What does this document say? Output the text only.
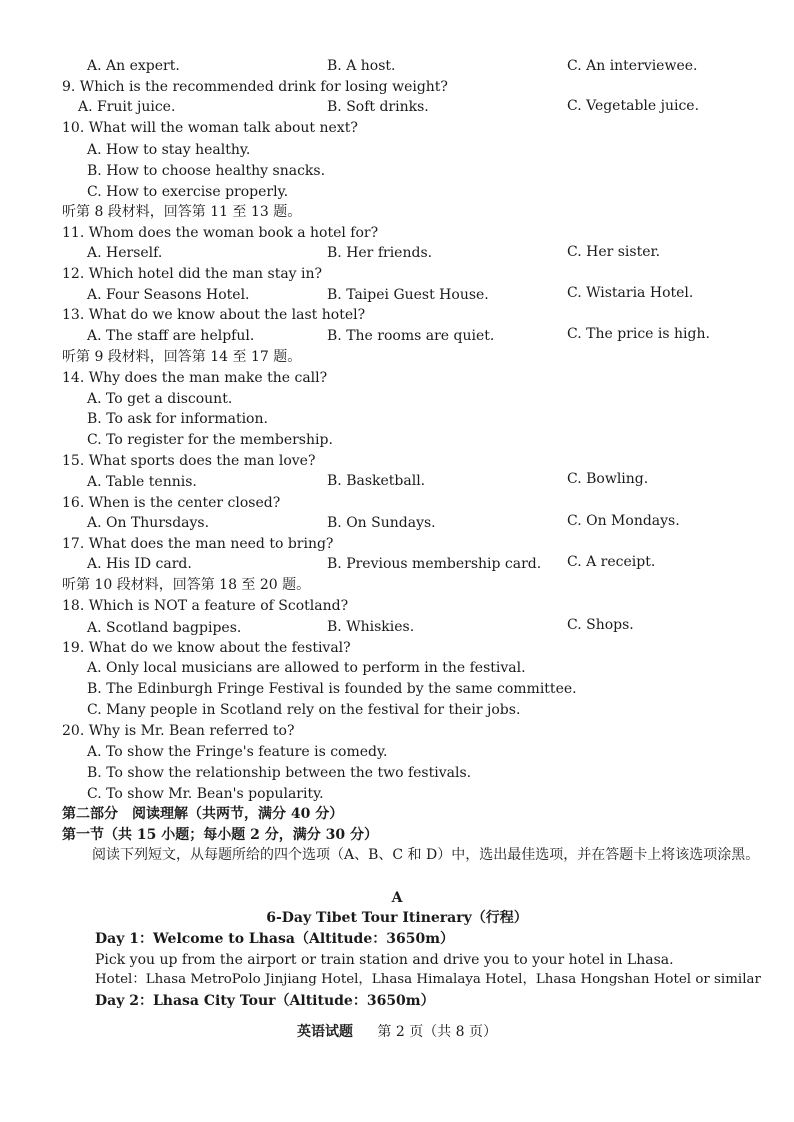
A. An expert.	B. A host.	C. An interviewee.
9. Which is the recommended drink for losing weight?
A. Fruit juice.	B. Soft drinks.	C. Vegetable juice.
10. What will the woman talk about next?
A. How to stay healthy.
B. How to choose healthy snacks.
C. How to exercise properly.
听第 8 段材料，回答第 11 至 13 题。
11. Whom does the woman book a hotel for?
A. Herself.	B. Her friends.	C. Her sister.
12. Which hotel did the man stay in?
A. Four Seasons Hotel.	B. Taipei Guest House.	C. Wistaria Hotel.
13. What do we know about the last hotel?
A. The staff are helpful.	B. The rooms are quiet.	C. The price is high.
听第 9 段材料，回答第 14 至 17 题。
14. Why does the man make the call?
A. To get a discount.
B. To ask for information.
C. To register for the membership.
15. What sports does the man love?
A. Table tennis.	B. Basketball.	C. Bowling.
16. When is the center closed?
A. On Thursdays.	B. On Sundays.	C. On Mondays.
17. What does the man need to bring?
A. His ID card.	B. Previous membership card. C. A receipt.
听第 10 段材料，回答第 18 至 20 题。
18. Which is NOT a feature of Scotland?
A. Scotland bagpipes.	B. Whiskies.	C. Shops.
19. What do we know about the festival?
A. Only local musicians are allowed to perform in the festival.
B. The Edinburgh Fringe Festival is founded by the same committee.
C. Many people in Scotland rely on the festival for their jobs.
20. Why is Mr. Bean referred to?
A. To show the Fringe's feature is comedy.
B. To show the relationship between the two festivals.
C. To show Mr. Bean's popularity.
第二部分　阅读理解（共两节，满分 40 分）
第一节（共 15 小题；每小题 2 分，满分 30 分）
阅读下列短文，从每题所给的四个选项（A、B、C 和 D）中，选出最佳选项，并在答题卡上将该选项涂黑。
A
6-Day Tibet Tour Itinerary（行程）
Day 1：Welcome to Lhasa（Altitude：3650m）
Pick you up from the airport or train station and drive you to your hotel in Lhasa.
Hotel：Lhasa MetroPolo Jinjiang Hotel，Lhasa Himalaya Hotel，Lhasa Hongshan Hotel or similar
Day 2：Lhasa City Tour（Altitude：3650m）
英语试题 第 2 页（共 8 页）
